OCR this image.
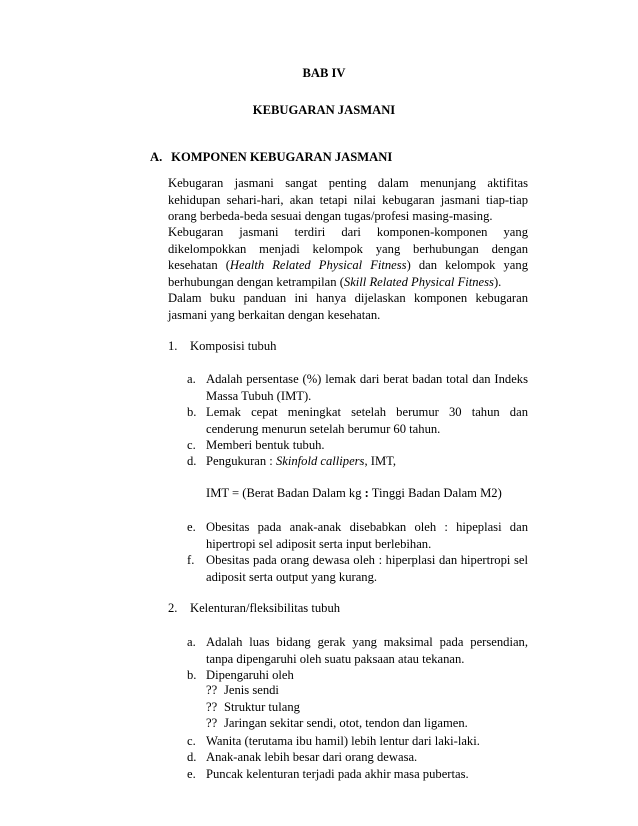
BAB IV
KEBUGARAN JASMANI
A. KOMPONEN KEBUGARAN JASMANI

Kebugaran jasmani sangat penting dalam menunjang aktifitas kehidupan sehari-hari, akan tetapi nilai kebugaran jasmani tiap-tiap orang berbeda-beda sesuai dengan tugas/profesi masing-masing.

Kebugaran jasmani terdiri dari komponen-komponen yang dikelompokkan menjadi kelompok yang berhubungan dengan kesehatan (Health Related Physical Fitness) dan kelompok yang berhubungan dengan ketrampilan (Skill Related Physical Fitness).

Dalam buku panduan ini hanya dijelaskan komponen kebugaran jasmani yang berkaitan dengan kesehatan.

1. Komposisi tubuh
a. Adalah persentase (%) lemak dari berat badan total dan Indeks Massa Tubuh (IMT).
b. Lemak cepat meningkat setelah berumur 30 tahun dan cenderung menurun setelah berumur 60 tahun.
c. Memberi bentuk tubuh.
d. Pengukuran : Skinfold callipers, IMT,
IMT = (Berat Badan Dalam kg : Tinggi Badan Dalam M2)
e. Obesitas pada anak-anak disebabkan oleh : hipeplasi dan hipertropi sel adiposit serta input berlebihan.
f. Obesitas pada orang dewasa oleh : hiperplasi dan hipertropi sel adiposit serta output yang kurang.
2. Kelenturan/fleksibilitas tubuh
a. Adalah luas bidang gerak yang maksimal pada persendian, tanpa dipengaruhi oleh suatu paksaan atau tekanan.
b. Dipengaruhi oleh
?? Jenis sendi
?? Struktur tulang
?? Jaringan sekitar sendi, otot, tendon dan ligamen.
c. Wanita (terutama ibu hamil) lebih lentur dari laki-laki.
d. Anak-anak lebih besar dari orang dewasa.
e. Puncak kelenturan terjadi pada akhir masa pubertas.
